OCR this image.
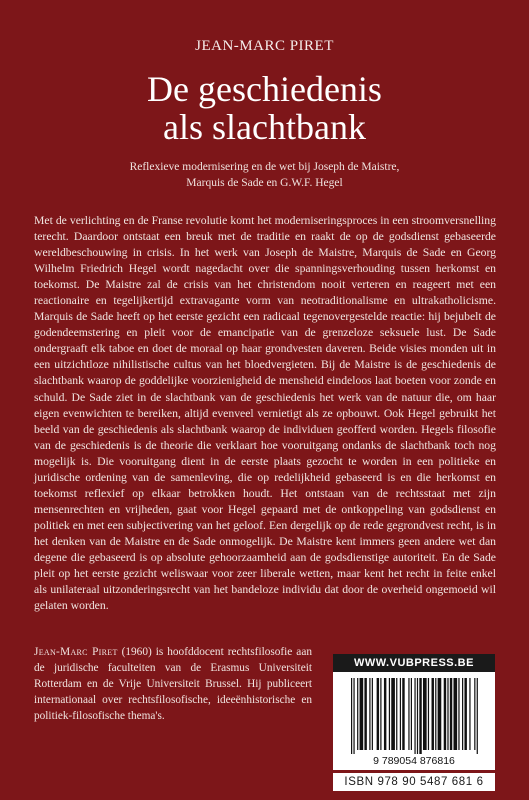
JEAN-MARC PIRET
De geschiedenis
als slachtbank
Reflexieve modernisering en de wet bij Joseph de Maistre,
Marquis de Sade en G.W.F. Hegel

Met de verlichting en de Franse revolutie komt het moderniseringsproces in een stroomversnelling terecht. Daardoor ontstaat een breuk met de traditie en raakt de op de godsdienst gebaseerde wereldbeschouwing in crisis. In het werk van Joseph de Maistre, Marquis de Sade en Georg Wilhelm Friedrich Hegel wordt nagedacht over die spanningsverhouding tussen herkomst en toekomst. De Maistre zal de crisis van het christendom nooit verteren en reageert met een reactionaire en tegelijkertijd extravagante vorm van neotraditionalisme en ultrakatholicisme. Marquis de Sade heeft op het eerste gezicht een radicaal tegenovergestelde reactie: hij bejubelt de godendeemstering en pleit voor de emancipatie van de grenzeloze seksuele lust. De Sade ondergraaft elk taboe en doet de moraal op haar grondvesten daveren. Beide visies monden uit in een uitzichtloze nihilistische cultus van het bloedvergieten. Bij de Maistre is de geschiedenis de slachtbank waarop de goddelijke voorzienigheid de mensheid eindeloos laat boeten voor zonde en schuld. De Sade ziet in de slachtbank van de geschiedenis het werk van de natuur die, om haar eigen evenwichten te bereiken, altijd evenveel vernietigt als ze opbouwt. Ook Hegel gebruikt het beeld van de geschiedenis als slachtbank waarop de individuen geofferd worden. Hegels filosofie van de geschiedenis is de theorie die verklaart hoe vooruitgang ondanks de slachtbank toch nog mogelijk is. Die vooruitgang dient in de eerste plaats gezocht te worden in een politieke en juridische ordening van de samenleving, die op redelijkheid gebaseerd is en die herkomst en toekomst reflexief op elkaar betrokken houdt. Het ontstaan van de rechtsstaat met zijn mensenrechten en vrijheden, gaat voor Hegel gepaard met de ontkoppeling van godsdienst en politiek en met een subjectivering van het geloof. Een dergelijk op de rede gegrondvest recht, is in het denken van de Maistre en de Sade onmogelijk. De Maistre kent immers geen andere wet dan degene die gebaseerd is op absolute gehoorzaamheid aan de godsdienstige autoriteit. En de Sade pleit op het eerste gezicht weliswaar voor zeer liberale wetten, maar kent het recht in feite enkel als unilateraal uitzonderingsrecht van het bandeloze individu dat door de overheid ongemoeid wil gelaten worden.

Jean-Marc Piret (1960) is hoofddocent rechtsfilosofie aan de juridische faculteiten van de Erasmus Universiteit Rotterdam en de Vrije Universiteit Brussel. Hij publiceert internationaal over rechtsfilosofische, ideeënhistorische en politiek-filosofische thema's.

WWW.VUBPRESS.BE
9 789054 876816
ISBN 978 90 5487 681 6
